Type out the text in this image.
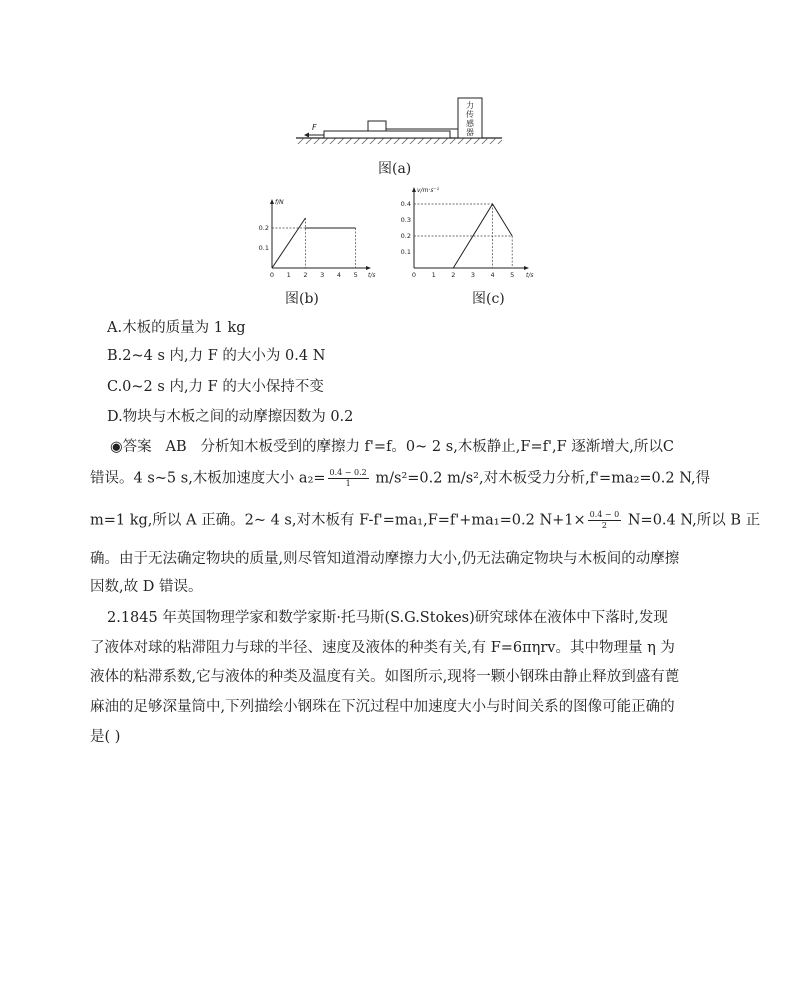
力
传
感
器
F
图(a)
f/N
t/s
0 1 2 3 4 5
0.1
0.2
图(b)
v/m·s⁻¹
t/s
0 1 2 3 4 5
0.1
0.2
0.3
0.4
图(c)
A.木板的质量为 1 kg
B.2~4 s 内,力 F 的大小为 0.4 N
C.0~2 s 内,力 F 的大小保持不变
D.物块与木板之间的动摩擦因数为 0.2
◉答案 AB 分析知木板受到的摩擦力 f'=f。0~ 2 s,木板静止,F=f',F 逐渐增大,所以C
错误。4 s~5 s,木板加速度大小 $a_2= \frac{0.4 - 0.2}{1} m/s^2=0.2$ m/s²,对木板受力分析,f'=ma₂=0.2 N,得
m=1 kg,所以 A 正确。2~ 4 s,对木板有 F-f'=ma₁,F=f'+ma₁=0.2 $N+1\times \frac{0.4 - 0}{2} N=0.4$ N,所以 B 正
确。由于无法确定物块的质量,则尽管知道滑动摩擦力大小,仍无法确定物块与木板间的动摩擦
因数,故 D 错误。
2.1845 年英国物理学家和数学家斯·托马斯(S.G.Stokes)研究球体在液体中下落时,发现
了液体对球的粘滞阻力与球的半径、速度及液体的种类有关,有 F=6πηrv。其中物理量 η 为
液体的粘滞系数,它与液体的种类及温度有关。如图所示,现将一颗小钢珠由静止释放到盛有蓖
麻油的足够深量筒中,下列描绘小钢珠在下沉过程中加速度大小与时间关系的图像可能正确的
是( )
